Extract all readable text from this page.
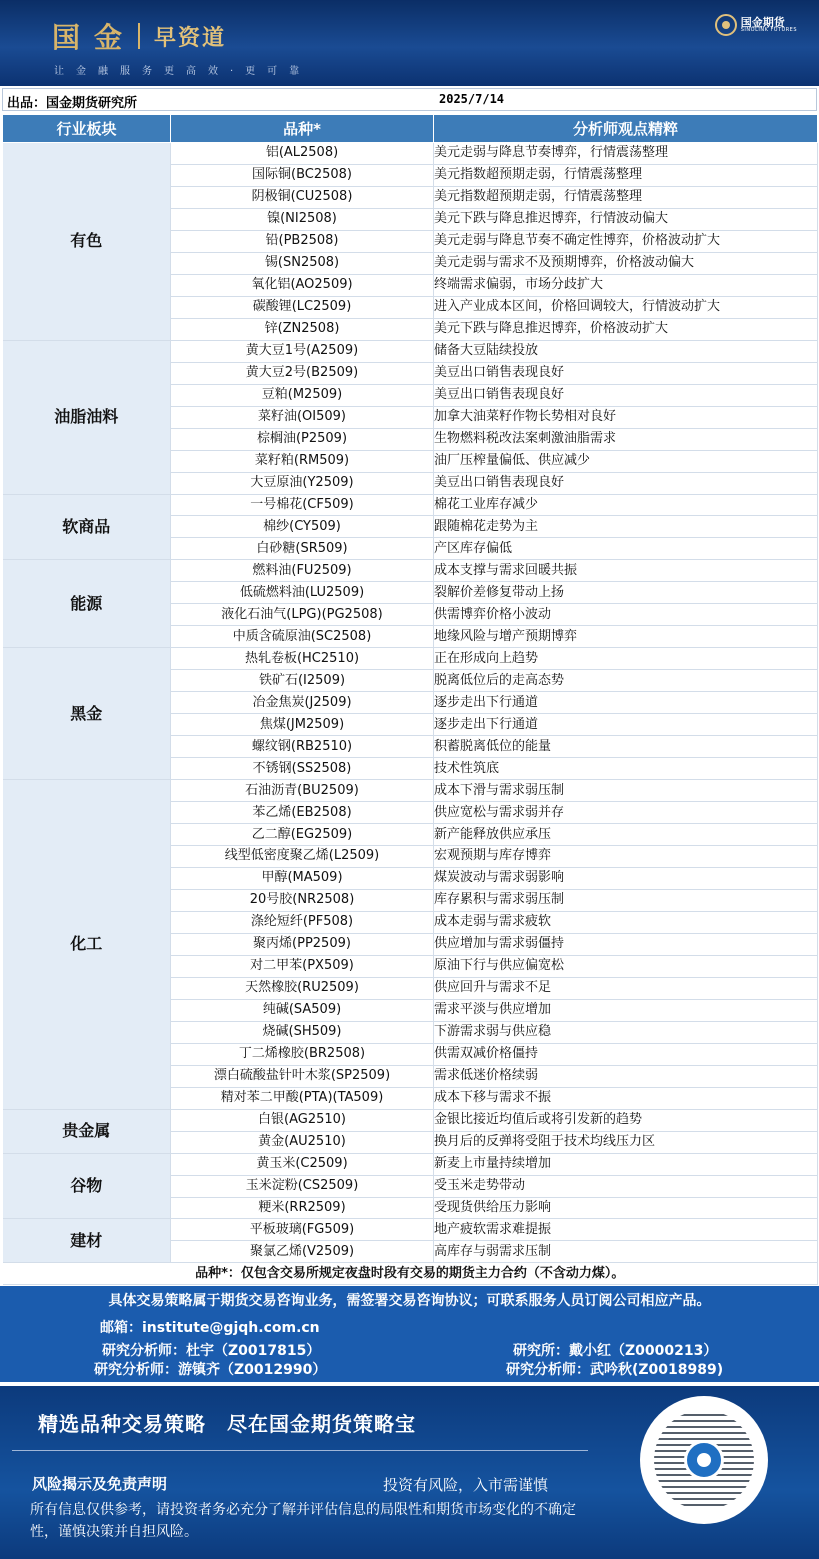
国金 早资道
让金融服务更高效·更可靠
国金期货
SINOLINK FUTURES
出品：国金期货研究所	2025/7/14
行业板块	品种*	分析师观点精粹
有色	铝(AL2508)	美元走弱与降息节奏博弈，行情震荡整理
	国际铜(BC2508)	美元指数超预期走弱，行情震荡整理
	阴极铜(CU2508)	美元指数超预期走弱，行情震荡整理
	镍(NI2508)	美元下跌与降息推迟博弈，行情波动偏大
	铅(PB2508)	美元走弱与降息节奏不确定性博弈，价格波动扩大
	锡(SN2508)	美元走弱与需求不及预期博弈，价格波动偏大
	氧化铝(AO2509)	终端需求偏弱，市场分歧扩大
	碳酸锂(LC2509)	进入产业成本区间，价格回调较大，行情波动扩大
	锌(ZN2508)	美元下跌与降息推迟博弈，价格波动扩大
油脂油料	黄大豆1号(A2509)	储备大豆陆续投放
	黄大豆2号(B2509)	美豆出口销售表现良好
	豆粕(M2509)	美豆出口销售表现良好
	菜籽油(OI509)	加拿大油菜籽作物长势相对良好
	棕榈油(P2509)	生物燃料税改法案刺激油脂需求
	菜籽粕(RM509)	油厂压榨量偏低、供应减少
	大豆原油(Y2509)	美豆出口销售表现良好
软商品	一号棉花(CF509)	棉花工业库存减少
	棉纱(CY509)	跟随棉花走势为主
	白砂糖(SR509)	产区库存偏低
能源	燃料油(FU2509)	成本支撑与需求回暖共振
	低硫燃料油(LU2509)	裂解价差修复带动上扬
	液化石油气(LPG)(PG2508)	供需博弈价格小波动
	中质含硫原油(SC2508)	地缘风险与增产预期博弈
黑金	热轧卷板(HC2510)	正在形成向上趋势
	铁矿石(I2509)	脱离低位后的走高态势
	冶金焦炭(J2509)	逐步走出下行通道
	焦煤(JM2509)	逐步走出下行通道
	螺纹钢(RB2510)	积蓄脱离低位的能量
	不锈钢(SS2508)	技术性筑底
化工	石油沥青(BU2509)	成本下滑与需求弱压制
	苯乙烯(EB2508)	供应宽松与需求弱并存
	乙二醇(EG2509)	新产能释放供应承压
	线型低密度聚乙烯(L2509)	宏观预期与库存博弈
	甲醇(MA509)	煤炭波动与需求弱影响
	20号胶(NR2508)	库存累积与需求弱压制
	涤纶短纤(PF508)	成本走弱与需求疲软
	聚丙烯(PP2509)	供应增加与需求弱僵持
	对二甲苯(PX509)	原油下行与供应偏宽松
	天然橡胶(RU2509)	供应回升与需求不足
	纯碱(SA509)	需求平淡与供应增加
	烧碱(SH509)	下游需求弱与供应稳
	丁二烯橡胶(BR2508)	供需双减价格僵持
	漂白硫酸盐针叶木浆(SP2509)	需求低迷价格续弱
	精对苯二甲酸(PTA)(TA509)	成本下移与需求不振
贵金属	白银(AG2510)	金银比接近均值后或将引发新的趋势
	黄金(AU2510)	换月后的反弹将受阻于技术均线压力区
谷物	黄玉米(C2509)	新麦上市量持续增加
	玉米淀粉(CS2509)	受玉米走势带动
	粳米(RR2509)	受现货供给压力影响
建材	平板玻璃(FG509)	地产疲软需求难提振
	聚氯乙烯(V2509)	高库存与弱需求压制
品种*：仅包含交易所规定夜盘时段有交易的期货主力合约（不含动力煤）。		
具体交易策略属于期货交易咨询业务，需签署交易咨询协议；可联系服务人员订阅公司相应产品。
邮箱：institute@gjqh.com.cn
研究分析师：杜宇（Z0017815）	研究所：戴小红（Z0000213）
研究分析师：游镇齐（Z0012990）	研究分析师：武吟秋(Z0018989)
精选品种交易策略　尽在国金期货策略宝
风险揭示及免责声明	投资有风险，入市需谨慎
所有信息仅供参考，请投资者务必充分了解并评估信息的局限性和期货市场变化的不确定性，谨慎决策并自担风险。
